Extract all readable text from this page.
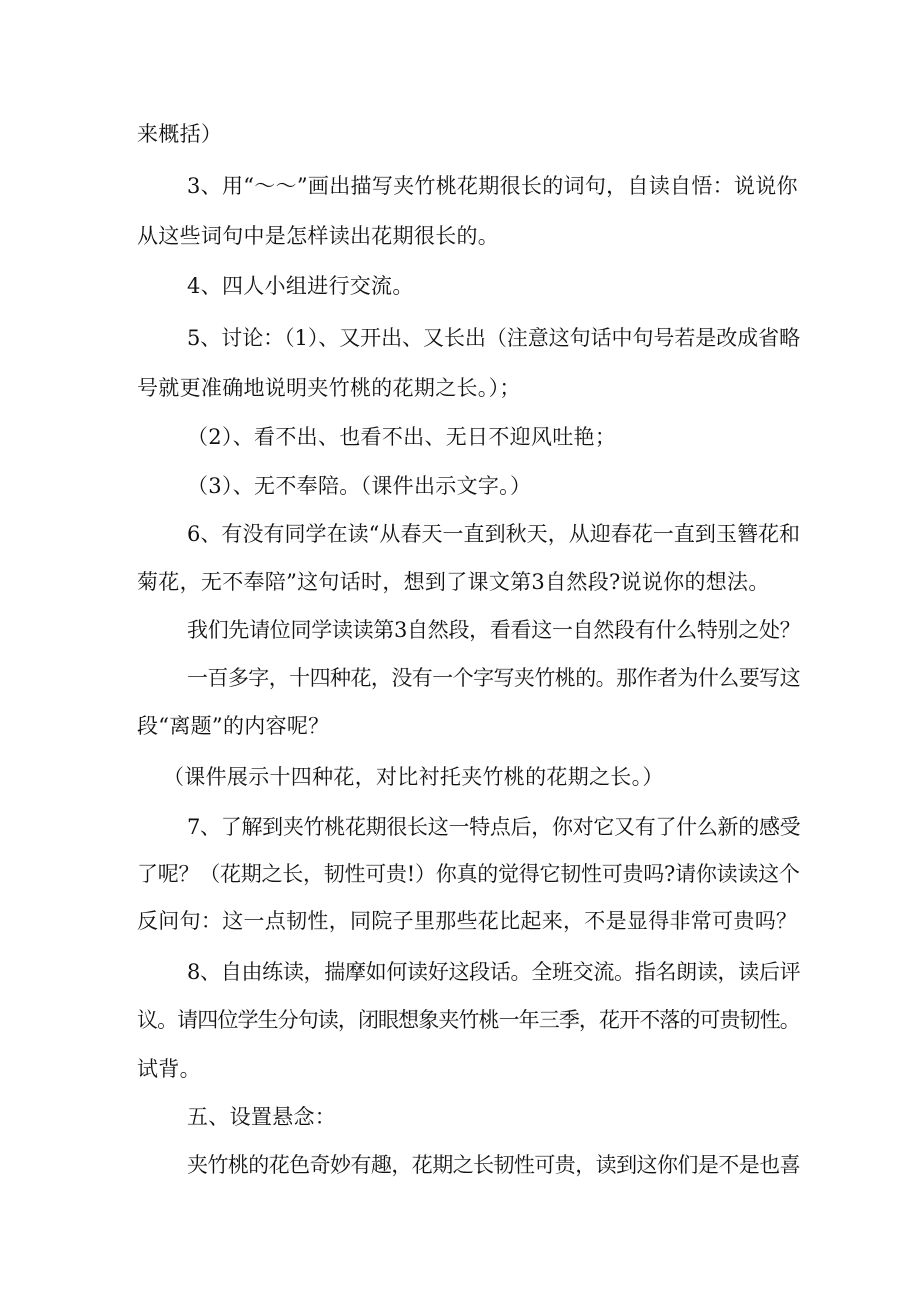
来概括）
3、用“～～”画出描写夹竹桃花期很长的词句，自读自悟：说说你
从这些词句中是怎样读出花期很长的。
4、四人小组进行交流。
5、讨论：（1）、又开出、又长出（注意这句话中句号若是改成省略
号就更准确地说明夹竹桃的花期之长。）；
（2）、看不出、也看不出、无日不迎风吐艳；
（3）、无不奉陪。（课件出示文字。）
6、有没有同学在读“从春天一直到秋天，从迎春花一直到玉簪花和
菊花，无不奉陪”这句话时，想到了课文第3自然段?说说你的想法。
我们先请位同学读读第3自然段，看看这一自然段有什么特别之处？
一百多字，十四种花，没有一个字写夹竹桃的。那作者为什么要写这
段“离题”的内容呢？
（课件展示十四种花，对比衬托夹竹桃的花期之长。）
7、了解到夹竹桃花期很长这一特点后，你对它又有了什么新的感受
了呢？（花期之长，韧性可贵!）你真的觉得它韧性可贵吗?请你读读这个
反问句：这一点韧性，同院子里那些花比起来，不是显得非常可贵吗？
8、自由练读，揣摩如何读好这段话。全班交流。指名朗读，读后评
议。请四位学生分句读，闭眼想象夹竹桃一年三季，花开不落的可贵韧性。
试背。
五、设置悬念：
夹竹桃的花色奇妙有趣，花期之长韧性可贵，读到这你们是不是也喜
